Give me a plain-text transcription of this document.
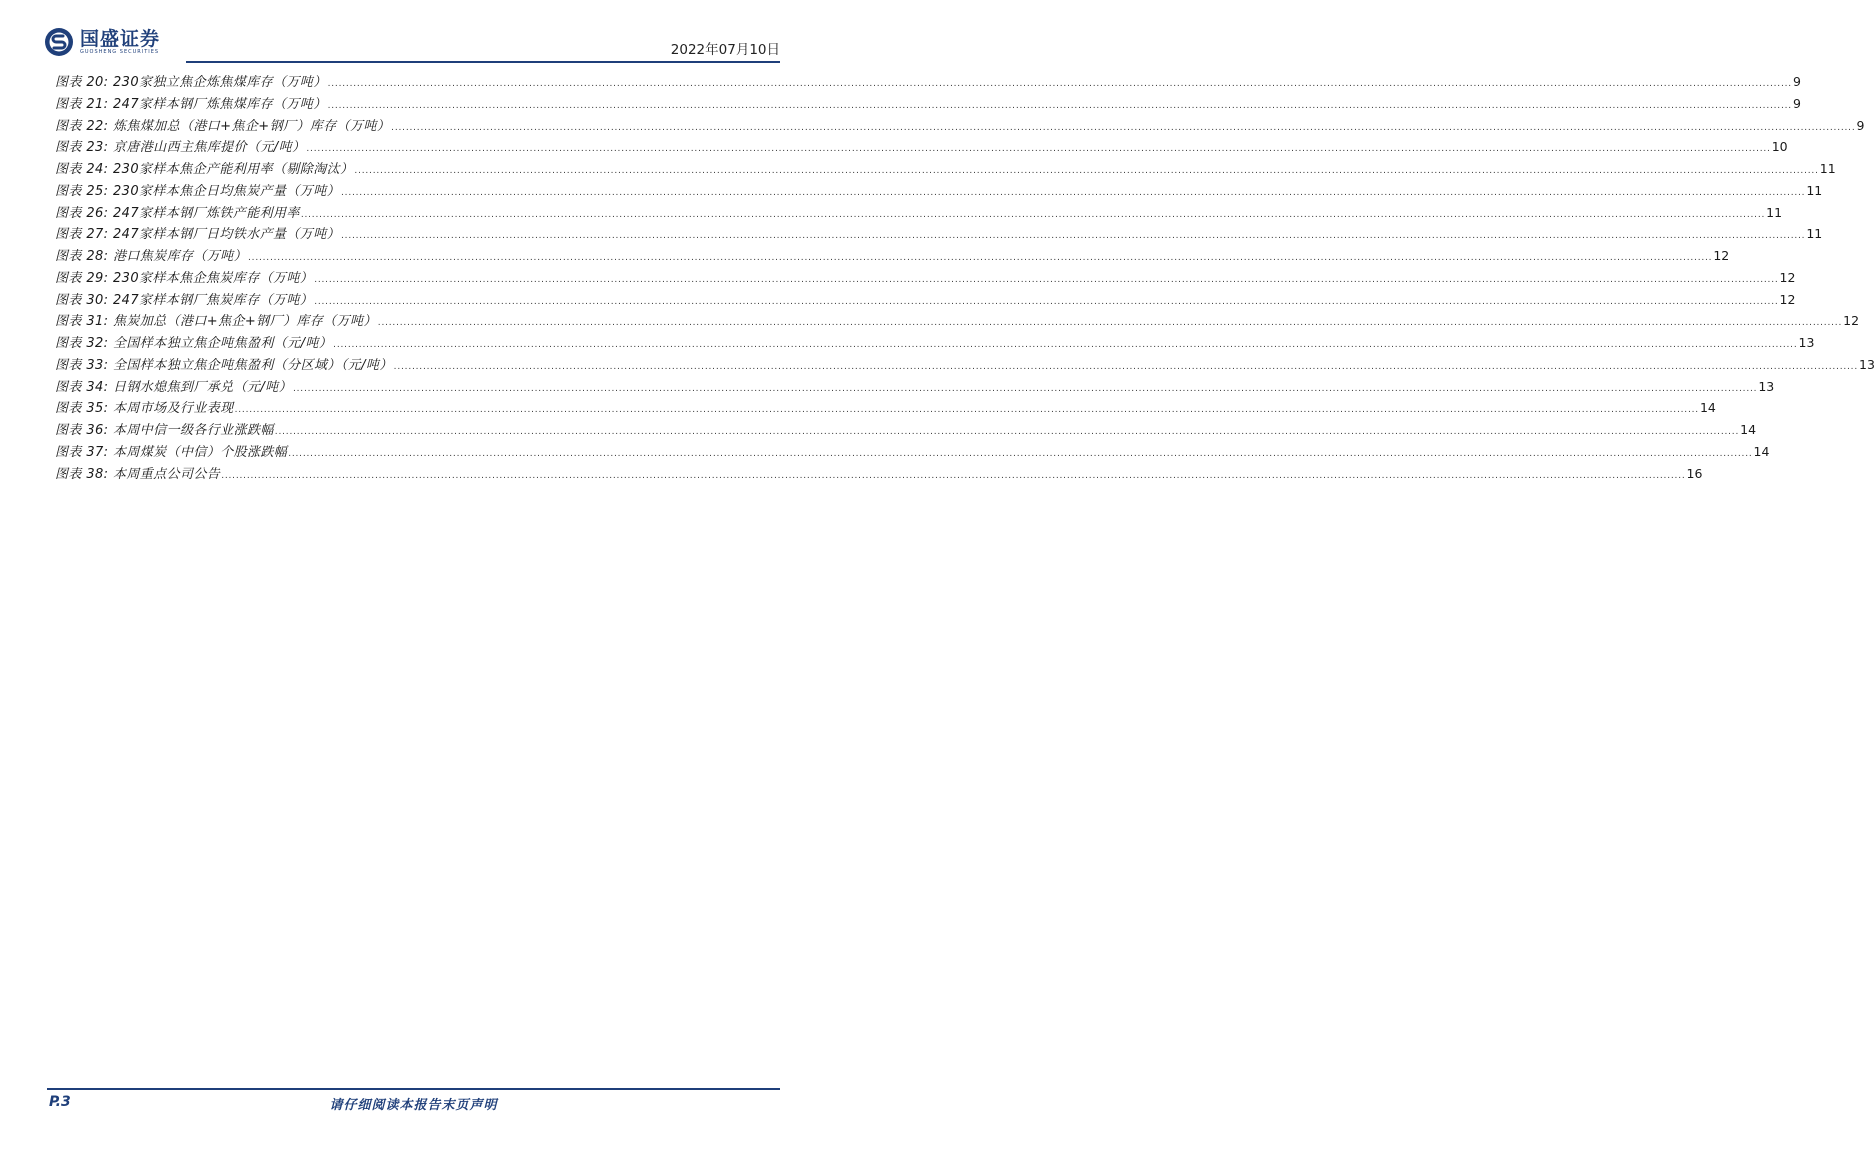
国盛证券
GUOSHENG SECURITIES	2022年07月10日
图表 20: 230家独立焦企炼焦煤库存（万吨） ................................................................................................................................................................................................................................................................................................................................................................................................................ 9
图表 21: 247家样本钢厂炼焦煤库存（万吨） ................................................................................................................................................................................................................................................................................................................................................................................................................ 9
图表 22: 炼焦煤加总（港口+焦企+钢厂）库存（万吨） ................................................................................................................................................................................................................................................................................................................................................................................................................ 9
图表 23: 京唐港山西主焦库提价（元/吨） ................................................................................................................................................................................................................................................................................................................................................................................................................ 10
图表 24: 230家样本焦企产能利用率（剔除淘汰） ................................................................................................................................................................................................................................................................................................................................................................................................................ 11
图表 25: 230家样本焦企日均焦炭产量（万吨） ................................................................................................................................................................................................................................................................................................................................................................................................................ 11
图表 26: 247家样本钢厂炼铁产能利用率 ................................................................................................................................................................................................................................................................................................................................................................................................................ 11
图表 27: 247家样本钢厂日均铁水产量（万吨） ................................................................................................................................................................................................................................................................................................................................................................................................................ 11
图表 28: 港口焦炭库存（万吨） ................................................................................................................................................................................................................................................................................................................................................................................................................ 12
图表 29: 230家样本焦企焦炭库存（万吨） ................................................................................................................................................................................................................................................................................................................................................................................................................ 12
图表 30: 247家样本钢厂焦炭库存（万吨） ................................................................................................................................................................................................................................................................................................................................................................................................................ 12
图表 31: 焦炭加总（港口+焦企+钢厂）库存（万吨） ................................................................................................................................................................................................................................................................................................................................................................................................................ 12
图表 32: 全国样本独立焦企吨焦盈利（元/吨） ................................................................................................................................................................................................................................................................................................................................................................................................................ 13
图表 33: 全国样本独立焦企吨焦盈利（分区域）（元/吨） ................................................................................................................................................................................................................................................................................................................................................................................................................ 13
图表 34: 日钢水熄焦到厂承兑（元/吨） ................................................................................................................................................................................................................................................................................................................................................................................................................ 13
图表 35: 本周市场及行业表现 ................................................................................................................................................................................................................................................................................................................................................................................................................ 14
图表 36: 本周中信一级各行业涨跌幅 ................................................................................................................................................................................................................................................................................................................................................................................................................ 14
图表 37: 本周煤炭（中信）个股涨跌幅 ................................................................................................................................................................................................................................................................................................................................................................................................................ 14
图表 38: 本周重点公司公告 ................................................................................................................................................................................................................................................................................................................................................................................................................ 16
P.3	请仔细阅读本报告末页声明
